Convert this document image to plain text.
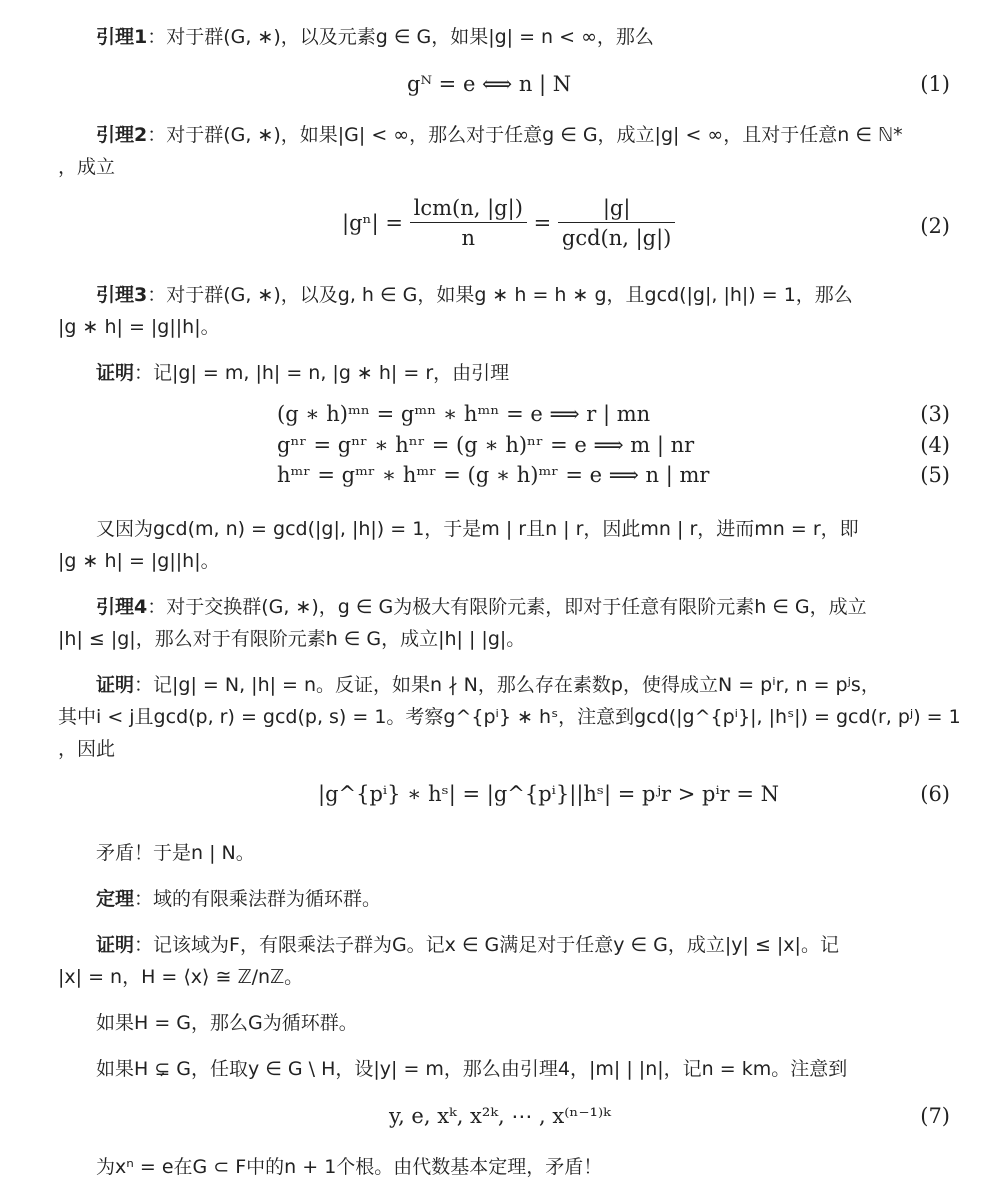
引理1：对于群(G, ∗)，以及元素g ∈ G，如果|g| = n < ∞，那么
gᴺ = e ⟺ n | N	(1)
引理2：对于群(G, ∗)，如果|G| < ∞，那么对于任意g ∈ G，成立|g| < ∞，且对于任意n ∈ ℕ*
，成立
$|g^n| = \frac{\text{lcm(n, |g|)}}{n} = \frac{|g|}{\gcd(n, |g|)}$	(2)
引理3：对于群(G, ∗)，以及g, h ∈ G，如果g ∗ h = h ∗ g，且gcd(|g|, |h|) = 1，那么
|g ∗ h| = |g||h|。
证明：记|g| = m, |h| = n, |g ∗ h| = r，由引理
(g ∗ h)ᵐⁿ = gᵐⁿ ∗ hᵐⁿ = e ⟹ r | mn	(3)
gⁿʳ = gⁿʳ ∗ hⁿʳ = (g ∗ h)ⁿʳ = e ⟹ m | nr	(4)
hᵐʳ = gᵐʳ ∗ hᵐʳ = (g ∗ h)ᵐʳ = e ⟹ n | mr	(5)
又因为gcd(m, n) = gcd(|g|, |h|) = 1，于是m | r且n | r，因此mn | r，进而mn = r，即
|g ∗ h| = |g||h|。
引理4：对于交换群(G, ∗)，g ∈ G为极大有限阶元素，即对于任意有限阶元素h ∈ G，成立
|h| ≤ |g|，那么对于有限阶元素h ∈ G，成立|h| | |g|。
证明：记|g| = N, |h| = n。反证，如果n ∤ N，那么存在素数p，使得成立N = pⁱr, n = pʲs，
其中i < j且gcd(p, r) = gcd(p, s) = 1。考察g^{pⁱ} ∗ hˢ，注意到gcd(|g^{pⁱ}|, |hˢ|) = gcd(r, pʲ) = 1
，因此
|g^{pⁱ} ∗ hˢ| = |g^{pⁱ}||hˢ| = pʲr > pⁱr = N	(6)
矛盾！于是n | N。
定理：域的有限乘法群为循环群。
证明：记该域为F，有限乘法子群为G。记x ∈ G满足对于任意y ∈ G，成立|y| ≤ |x|。记
|x| = n，H = ⟨x⟩ ≅ ℤ/nℤ。
如果H = G，那么G为循环群。
如果H ⊊ G，任取y ∈ G \ H，设|y| = m，那么由引理4，|m| | |n|，记n = km。注意到
y, e, xᵏ, x²ᵏ, ⋯ , x⁽ⁿ⁻¹⁾ᵏ	(7)
为xⁿ = e在G ⊂ F中的n + 1个根。由代数基本定理，矛盾！
